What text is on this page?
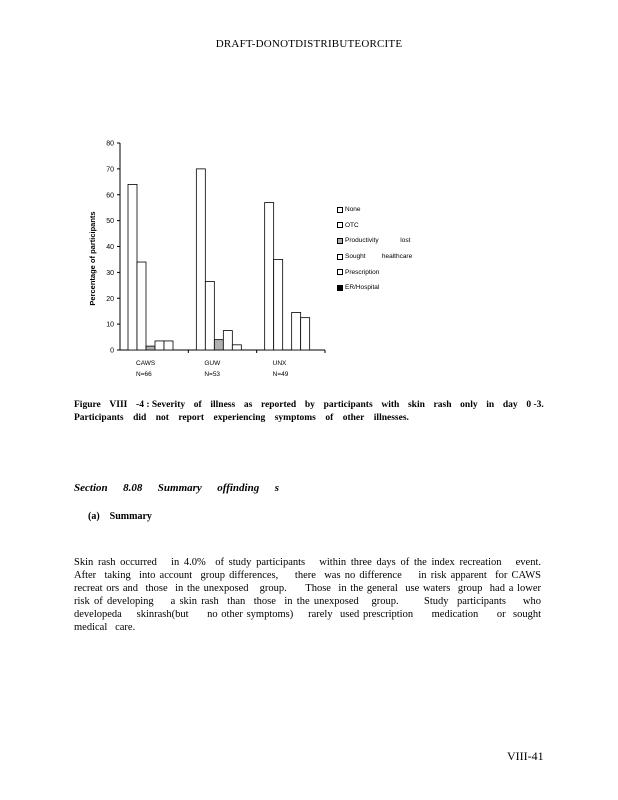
DRAFT-DONOTDISTRIBUTEORCITE
0
10
20
30
40
50
60
70
80
Percentage of participants
CAWS
N=66
GUW
N=53
UNX
N=49
None
OTC
Productivity            lost
Sought         healthcare
Prescription
ER/Hospital
Figure VIII -4 : Severity of illness as reported by participants with skin rash only in day 0 -3.
Participants did not report experiencing symptoms of other illnesses.
Section 8.08 Summary offinding s
(a) Summary
Skin rash occurred   in 4.0%  of study participants   within three days of the index recreation   event.
After  taking  into account  group differences,    there  was no difference    in risk apparent  for CAWS
recreat ors and  those  in the unexposed   group.     Those  in the general  use waters  group  had a lower
risk of developing    a skin rash  than  those  in the unexposed   group.      Study  participants    who
developeda    skinrash(but     no other symptoms)    rarely  used prescription     medication     or  sought
medical   care.
VIII-41
